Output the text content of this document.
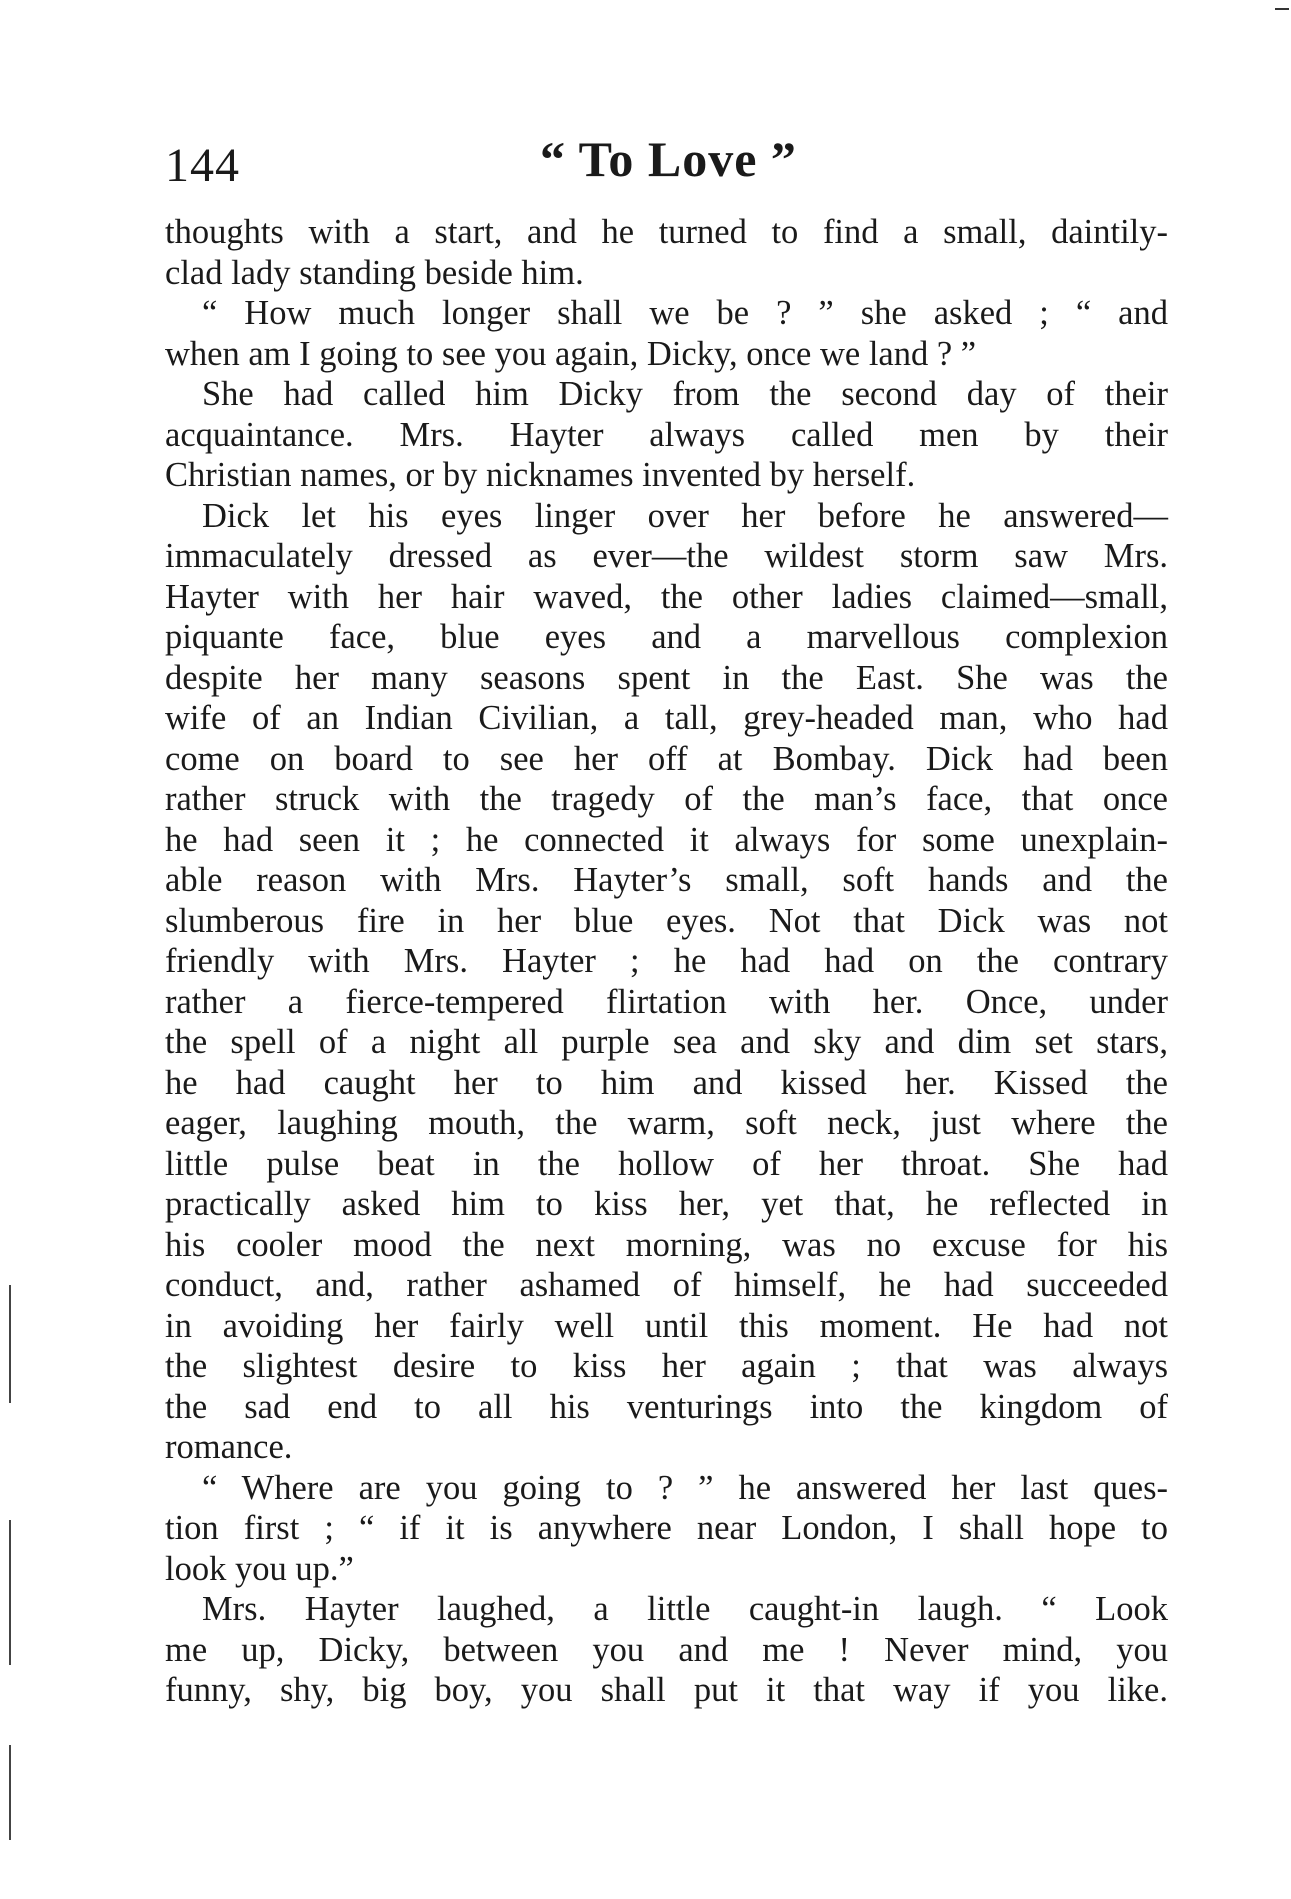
144	“ To Love ”
thoughts with a start, and he turned to find a small, daintily-
clad lady standing beside him.
“ How much longer shall we be ? ” she asked ; “ and
when am I going to see you again, Dicky, once we land ? ”
She had called him Dicky from the second day of their
acquaintance. Mrs. Hayter always called men by their
Christian names, or by nicknames invented by herself.
Dick let his eyes linger over her before he answered—
immaculately dressed as ever—the wildest storm saw Mrs.
Hayter with her hair waved, the other ladies claimed—small,
piquante face, blue eyes and a marvellous complexion
despite her many seasons spent in the East. She was the
wife of an Indian Civilian, a tall, grey-headed man, who had
come on board to see her off at Bombay. Dick had been
rather struck with the tragedy of the man’s face, that once
he had seen it ; he connected it always for some unexplain-
able reason with Mrs. Hayter’s small, soft hands and the
slumberous fire in her blue eyes. Not that Dick was not
friendly with Mrs. Hayter ; he had had on the contrary
rather a fierce-tempered flirtation with her. Once, under
the spell of a night all purple sea and sky and dim set stars,
he had caught her to him and kissed her. Kissed the
eager, laughing mouth, the warm, soft neck, just where the
little pulse beat in the hollow of her throat. She had
practically asked him to kiss her, yet that, he reflected in
his cooler mood the next morning, was no excuse for his
conduct, and, rather ashamed of himself, he had succeeded
in avoiding her fairly well until this moment. He had not
the slightest desire to kiss her again ; that was always
the sad end to all his venturings into the kingdom of
romance.
“ Where are you going to ? ” he answered her last ques-
tion first ; “ if it is anywhere near London, I shall hope to
look you up.”
Mrs. Hayter laughed, a little caught-in laugh. “ Look
me up, Dicky, between you and me ! Never mind, you
funny, shy, big boy, you shall put it that way if you like.
